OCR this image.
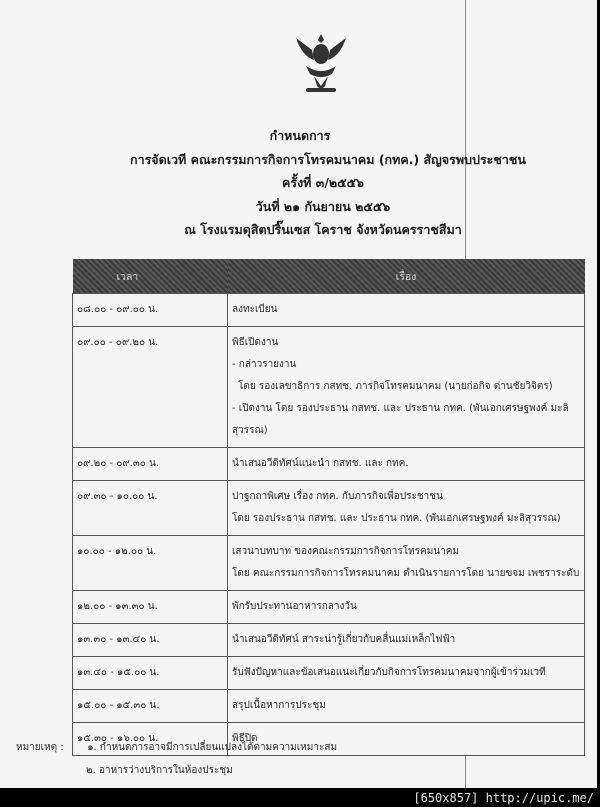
กำหนดการ
การจัดเวที คณะกรรมการกิจการโทรคมนาคม (กทค.) สัญจรพบประชาชน
ครั้งที่ ๓/๒๕๕๖
วันที่ ๒๑ กันยายน ๒๕๕๖
ณ โรงแรมดุสิตปริ๊นเซส โคราช จังหวัดนครราชสีมา
เวลา	เรื่อง
๐๘.๐๐ - ๐๙.๐๐ น.	ลงทะเบียน

๐๙.๐๐ - ๐๙.๒๐ น.	พิธีเปิดงาน
- กล่าวรายงาน
โดย รองเลขาธิการ กสทช. ภารกิจโทรคมนาคม (นายก่อกิจ ด่านชัยวิจิตร)
- เปิดงาน โดย รองประธาน กสทช. และ ประธาน กทค. (พันเอกเศรษฐพงค์ มะลิสุวรรณ)

๐๙.๒๐ - ๐๙.๓๐ น.	นำเสนอวีดิทัศน์แนะนำ กสทช. และ กทค.

๐๙.๓๐ - ๑๐.๐๐ น.	ปาฐกถาพิเศษ เรื่อง กทค. กับภารกิจเพื่อประชาชน
โดย รองประธาน กสทช. และ ประธาน กทค. (พันเอกเศรษฐพงค์ มะลิสุวรรณ)

๑๐.๐๐ - ๑๒.๐๐ น.	เสวนาบทบาท ของคณะกรรมการกิจการโทรคมนาคม
โดย คณะกรรมการกิจการโทรคมนาคม ดำเนินรายการโดย นายขจม เพชราระดับ

๑๒.๐๐ - ๑๓.๓๐ น.	พักรับประทานอาหารกลางวัน

๑๓.๓๐ - ๑๓.๔๐ น.	นำเสนอวีดิทัศน์ สาระน่ารู้เกี่ยวกับคลื่นแม่เหล็กไฟฟ้า

๑๓.๔๐ - ๑๕.๐๐ น.	รับฟังปัญหาและข้อเสนอแนะเกี่ยวกับกิจการโทรคมนาคมจากผู้เข้าร่วมเวที

๑๕.๐๐ - ๑๕.๓๐ น.	สรุปเนื้อหาการประชุม

๑๕.๓๐ - ๑๖.๐๐ น.	พิธีปิด
หมายเหตุ : ๑. กำหนดการอาจมีการเปลี่ยนแปลงได้ตามความเหมาะสม
๒. อาหารว่างบริการในห้องประชุม
[650x857] http://upic.me/
